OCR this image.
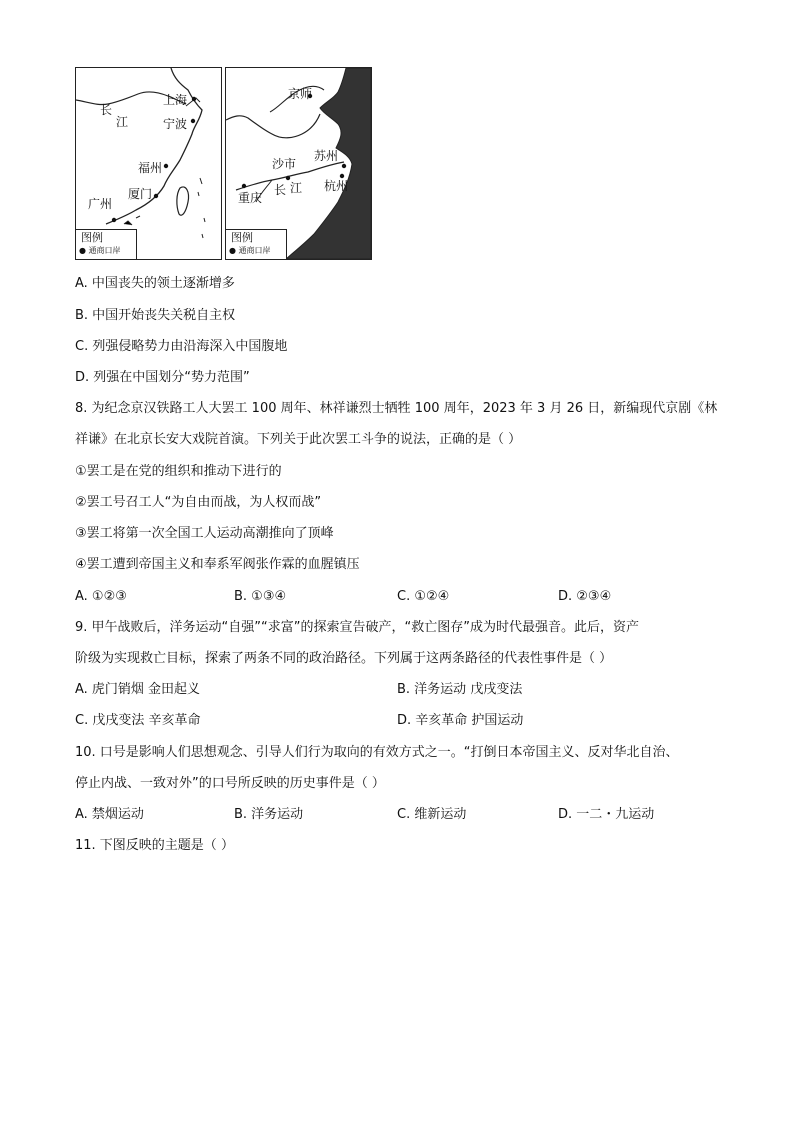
上海
长
江	宁波
福州
厦门
广州
图例
● 通商口岸
京师
苏州
沙市
长 江 杭州
重庆
图例
● 通商口岸
A. 中国丧失的领土逐渐增多
B. 中国开始丧失关税自主权
C. 列强侵略势力由沿海深入中国腹地
D. 列强在中国划分“势力范围”
8. 为纪念京汉铁路工人大罢工 100 周年、林祥谦烈士牺牲 100 周年，2023 年 3 月 26 日，新编现代京剧《林
祥谦》在北京长安大戏院首演。下列关于此次罢工斗争的说法，正确的是（ ）
①罢工是在党的组织和推动下进行的
②罢工号召工人“为自由而战，为人权而战”
③罢工将第一次全国工人运动高潮推向了顶峰
④罢工遭到帝国主义和奉系军阀张作霖的血腥镇压
A. ①②③	B. ①③④	C. ①②④	D. ②③④
9. 甲午战败后，洋务运动“自强”“求富”的探索宣告破产，“救亡图存”成为时代最强音。此后，资产
阶级为实现救亡目标，探索了两条不同的政治路径。下列属于这两条路径的代表性事件是（ ）
A. 虎门销烟 金田起义	B. 洋务运动 戊戌变法
C. 戊戌变法 辛亥革命	D. 辛亥革命 护国运动
10. 口号是影响人们思想观念、引导人们行为取向的有效方式之一。“打倒日本帝国主义、反对华北自治、
停止内战、一致对外”的口号所反映的历史事件是（ ）
A. 禁烟运动	B. 洋务运动	C. 维新运动	D. 一二・九运动
11. 下图反映的主题是（ ）
